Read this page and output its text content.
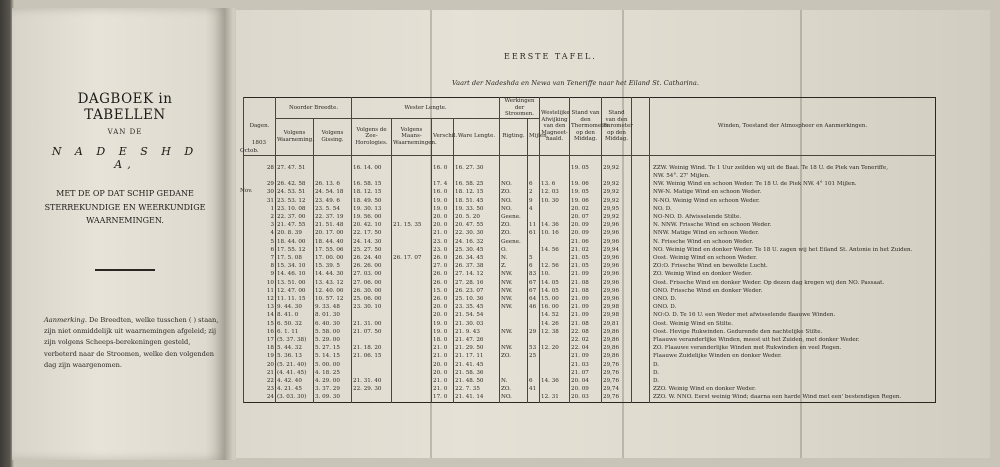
DAGBOEK in TABELLEN
VAN DE
N A D E S H D A,
MET DE OP DAT SCHIP GEDANE
STERREKUNDIGE EN WEERKUNDIGE
WAARNEMINGEN.
Aanmerking. De Breedten, welke tusschen ( ) staan, zijn niet onmiddelijk uit waarnemingen afgeleid; zij zijn volgens Scheeps-berekeningen gesteld, verbeterd naar de Stroomen, welke den volgenden dag zijn waargenomen.
EERSTE TAFEL.
Vaart der Nadeshda en Newa van Teneriffe naar het Eiland St. Catharina.
Dagen.	Noorder Breedte.		Wester Lengte.				Werkingen der Stroomen.		Westelijke Afwijking van den Magneet-naald.	Stand van den Thermometer op den Middag.	Stand van den Barometer op den Middag.		Winden, Toestand der Atmospheer en Aanmerkingen.
	Volgens Waarneming.	Volgens Gissing.	Volgens de Zee-Horologies.	Volgens Maans-Waarnemingen.	Verschil.	Ware Lengte.	Rigting.	Mijlen.					

28	27. 47. 51		16. 14. 00		16. 0	16. 27. 30				19. 05	29,92		ZZW. Weinig Wind. Te 1 Uur zeilden wij uit de Baai. Te 18 U. de Piek van Teneriffe,
													NW. 54°. 27' Mijlen.
29	26. 42. 58	26. 13. 6	16. 58. 15		17. 4	16. 58. 25	NO.	6	13. 6	19. 06	29,92		NW. Weinig Wind en schoon Weder. Te 18 U. de Piek NW. 4° 101 Mijlen.
30	24. 53. 51	24. 54. 18	18. 12. 15		16. 0	18. 12. 15	ZO.	2	12. 03	19. 05	29,92		NW-N. Matige Wind en schoon Weder.
31	23. 53. 12	23. 49. 6	18. 49. 50		19. 0	18. 51. 45	NO.	9	10. 30	19. 06	29,92		N-NO. Weinig Wind en schoon Weder.
1	23. 10. 08	23. 5. 54	19. 30. 13		19. 0	19. 33. 50	NO.	4		20. 02	29,95		NO. D.
2	22. 37. 00	22. 37. 19	19. 56. 00		20. 0	20. 5. 20	Geene.			20. 07	29,92		NO-NO. D. Afwisselende Stilte.
3	21. 47. 55	21. 51. 48	20. 42. 10	21. 15. 35	20. 0	20. 47. 55	ZO.	11	14. 36	20. 09	29,96		N. NNW. Frissche Wind en schoon Weder.
4	20. 8. 39	20. 17. 00	22. 17. 50		21. 0	22. 30. 30	ZO.	61	10. 16	20. 09	29,96		NNW. Matige Wind en schoon Weder.
5	18. 44. 00	18. 44. 40	24. 14. 30		23. 0	24. 16. 32	Geene.			21. 06	29,96		N. Frissche Wind en schoon Weder.
6	17. 55. 12	17. 55. 06	25. 27. 50		23. 0	25. 30. 45	O.		14. 56	21. 02	29,94		NO. Weinig Wind en donker Weder. Te 18 U. zagen wij het Eiland St. Antonie in het Zuiden.
7	17. 5. 08	17. 00. 00	26. 24. 40	26. 17. 07	26. 0	26. 34. 45	N.	5		21. 05	29,96		Oost. Weinig Wind en schoon Weder.
8	15. 34. 10	15. 39. 5	26. 26. 00		27. 0	26. 37. 38	Z.	6	12. 56	21. 05	29,96		ZO:O. Frissche Wind en bewolkte Lucht.
9	14. 46. 10	14. 44. 30	27. 03. 00		26. 0	27. 14. 12	NW.	83	10.	21. 09	29,96		ZO. Weinig Wind en donker Weder.
10	13. 51. 00	13. 43. 12	27. 06. 00		26. 0	27. 28. 16	NW.	67	14. 05	21. 08	29,96		Oost. Frissche Wind en donker Weder. Op dezen dag kregen wij den NO. Passaat.
11	12. 47. 00	12. 40. 00	26. 30. 00		15. 0	26. 23. 07	NW.	67	14. 05	21. 08	29,96		ONO. Frissche Wind en donker Weder.
12	11. 11. 15	10. 57. 12	25. 06. 00		26. 0	25. 10. 36	NW.	64	15. 00	21. 09	29,96		ONO. D.
13	9. 44. 30	9. 33. 48	23. 30. 10		20. 0	23. 35. 45	NW.	46	16. 00	21. 09	29,98		ONO. D.
14	8. 41. 0	8. 01. 30			20. 0	21. 54. 54			14. 52	21. 09	29,98		NO:O. D. Te 16 U. een Weder met afwisselende flaauwe Winden.
15	6. 50. 32	6. 40. 30	21. 31. 00		19. 0	21. 30. 03			14. 26	21. 08	29,81		Oost. Weinig Wind en Stilte.
16	6. 1. 11	5. 58. 00	21. 07. 50		19. 0	21. 9. 43	NW.	29	12. 38	22. 08	29,86		Oost. Hevige Rukwinden. Gedurende den nachtelijke Stilte.
17	(5. 37. 38)	5. 29. 00			18. 0	21. 47. 26				22. 02	29,86		Flaauwe veranderlijke Winden, meest uit het Zuiden, met donker Weder.
18	5. 44. 32	5. 27. 15	21. 18. 20		21. 0	21. 29. 50	NW.	53	12. 20	22. 04	29,86		ZO. Flaauwe veranderlijke Winden met Rukwinden en veel Regen.
19	5. 36. 13	5. 14. 15	21. 06. 15		21. 0	21. 17. 11	ZO.	25		21. 09	29,86		Flaauwe Zuidelijke Winden en donker Weder.
20	(5. 21. 40)	5. 00. 00			20. 0	21. 41. 45				21. 03	29,76		D.
21	(4. 41. 45)	4. 18. 25			20. 0	21. 58. 36				21. 07	29,76		D.
22	4. 42. 40	4. 29. 00	21. 31. 40		21. 0	21. 48. 50	N.	6	14. 36	20. 04	29,76		D.
23	4. 21. 45	3. 37. 29	22. 29. 30		21. 0	22. 7. 35	ZO.	41		20. 09	29,74		ZZO. Weinig Wind en donker Weder.
24	(3. 03. 30)	3. 09. 30			17. 0	21. 41. 14	NO.		12. 31	20. 03	29,76		ZZO. W. NNO. Eerst weinig Wind; daarna een harde Wind met een' bestendigen Regen.
1803
Octob.
Nov.
